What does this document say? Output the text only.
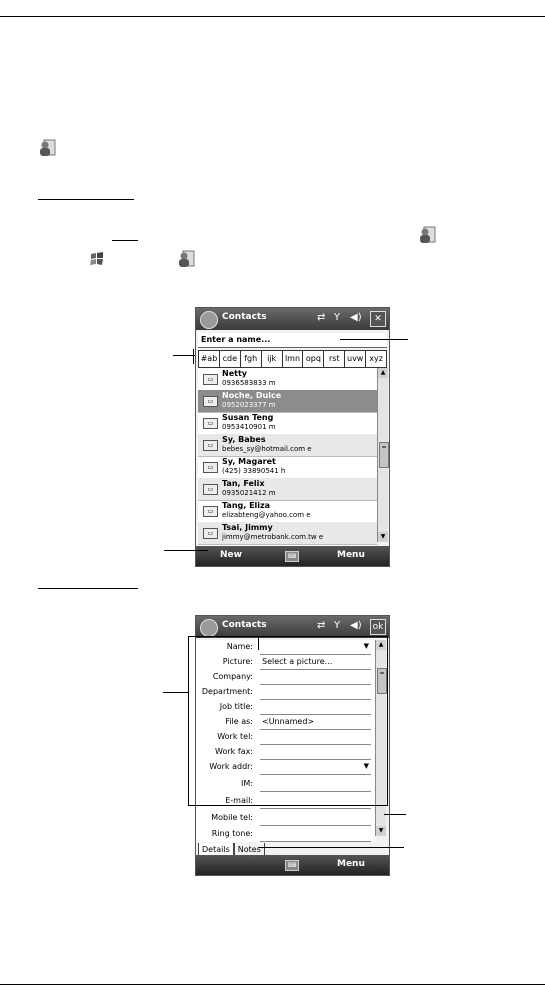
Contacts	⇄ Y ◀)	✕
Enter a name...
#ab cde fgh	ijk	lmn opq	rst uvw xyz
▭
Netty
0936583833 m
▭
Noche, Dulce
0952023377 m
▭
Susan Teng
0953410901 m
▭
Sy, Babes
bebes_sy@hotmail.com e
▭
Sy, Magaret
(425) 33890541 h
▭
Tan, Felix
0935021412 m
▭
Tang, Eliza
elizabteng@yahoo.com e
▭
Tsai, Jimmy
jimmy@metrobank.com.tw e
▲
═
▼
New	⌨	Menu
Contacts	⇄ Y ◀) ok
Name:	▼
Picture: Select a picture...
Company:
Department:
Job title:
File as: <Unnamed>
Work tel:
Work fax:
Work addr:	▼
IM:
E-mail:
Mobile tel:
Ring tone:
▲
═
▼
Details	Notes
⌨	Menu
